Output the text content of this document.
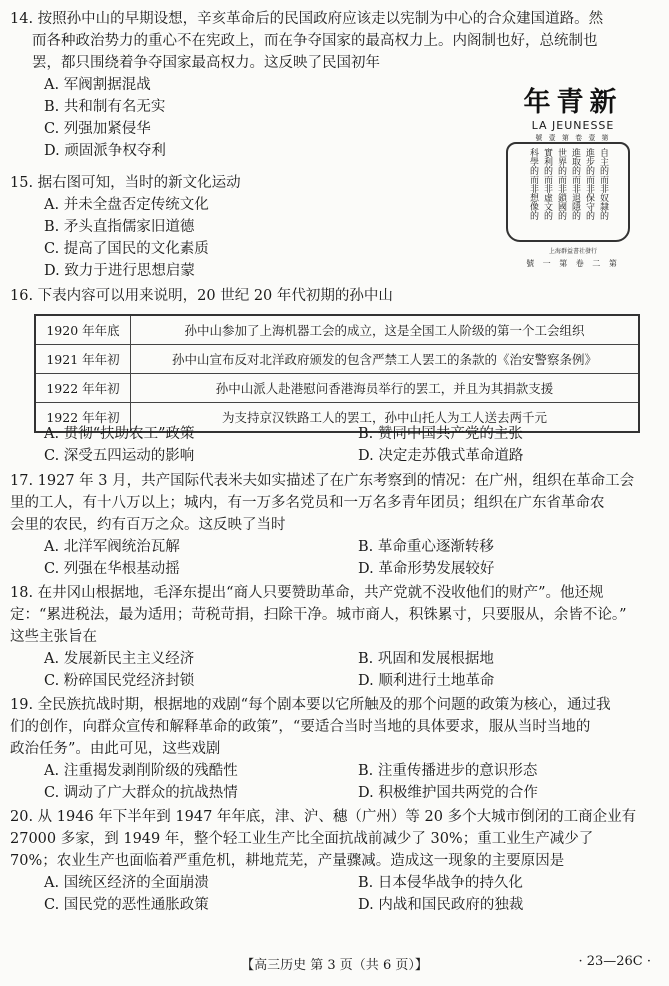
14. 按照孙中山的早期设想，辛亥革命后的民国政府应该走以宪制为中心的合众建国道路。然
而各种政治势力的重心不在宪政上，而在争夺国家的最高权力上。内阁制也好，总统制也
罢，都只围绕着争夺国家最高权力。这反映了民国初年
A. 军阀割据混战
B. 共和制有名无实
C. 列强加紧侵华
D. 顽固派争权夺利
年青新
LA JEUNESSE
號 壹 第 卷 壹 第
自主的而非奴隸的
進步的而非保守的
進取的而非退隱的
世界的而非鎖國的
實利的而非虛文的
科學的而非想像的
上海群益書社發行
號 一 第 卷 二 第
15. 据右图可知，当时的新文化运动
A. 并未全盘否定传统文化
B. 矛头直指儒家旧道德
C. 提高了国民的文化素质
D. 致力于进行思想启蒙
16. 下表内容可以用来说明，20 世纪 20 年代初期的孙中山
1920 年年底	孙中山参加了上海机器工会的成立，这是全国工人阶级的第一个工会组织
1921 年年初	孙中山宣布反对北洋政府颁发的包含严禁工人罢工的条款的《治安警察条例》
1922 年年初	孙中山派人赴港慰问香港海员举行的罢工，并且为其捐款支援
1922 年年初	为支持京汉铁路工人的罢工，孙中山托人为工人送去两千元
A. 贯彻“扶助农工”政策	B. 赞同中国共产党的主张
C. 深受五四运动的影响	D. 决定走苏俄式革命道路
17. 1927 年 3 月，共产国际代表米夫如实描述了在广东考察到的情况：在广州，组织在革命工会
里的工人，有十八万以上；城内，有一万多名党员和一万名多青年团员；组织在广东省革命农
会里的农民，约有百万之众。这反映了当时
A. 北洋军阀统治瓦解	B. 革命重心逐渐转移
C. 列强在华根基动摇	D. 革命形势发展较好
18. 在井冈山根据地，毛泽东提出“商人只要赞助革命，共产党就不没收他们的财产”。他还规
定：“累进税法，最为适用；苛税苛捐，扫除干净。城市商人，积铢累寸，只要服从，余皆不论。”
这些主张旨在
A. 发展新民主主义经济	B. 巩固和发展根据地
C. 粉碎国民党经济封锁	D. 顺利进行土地革命
19. 全民族抗战时期，根据地的戏剧“每个剧本要以它所触及的那个问题的政策为核心，通过我
们的创作，向群众宣传和解释革命的政策”，“要适合当时当地的具体要求，服从当时当地的
政治任务”。由此可见，这些戏剧
A. 注重揭发剥削阶级的残酷性	B. 注重传播进步的意识形态
C. 调动了广大群众的抗战热情	D. 积极维护国共两党的合作
20. 从 1946 年下半年到 1947 年年底，津、沪、穗（广州）等 20 多个大城市倒闭的工商企业有
27000 多家，到 1949 年，整个轻工业生产比全面抗战前减少了 30%；重工业生产减少了
70%；农业生产也面临着严重危机，耕地荒芜，产量骤减。造成这一现象的主要原因是
A. 国统区经济的全面崩溃	B. 日本侵华战争的持久化
C. 国民党的恶性通胀政策	D. 内战和国民政府的独裁
【高三历史 第 3 页（共 6 页）】	· 23—26C ·
